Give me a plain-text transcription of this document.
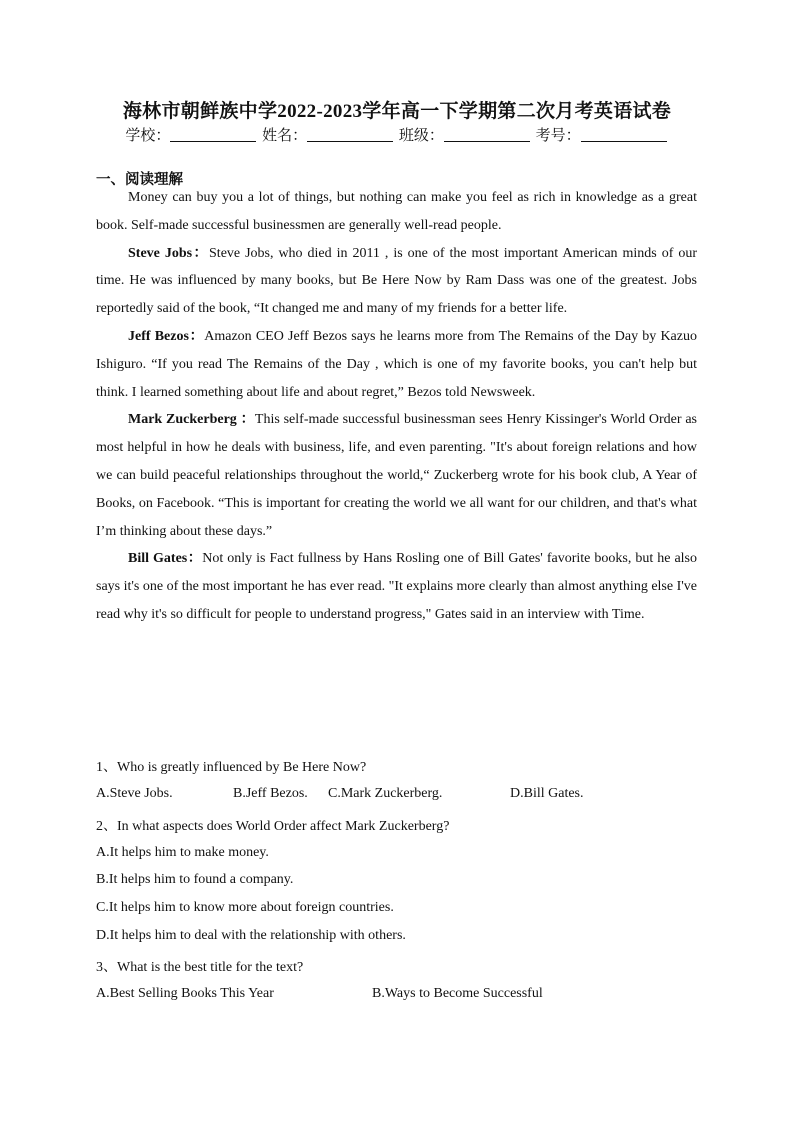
海林市朝鲜族中学2022-2023学年高一下学期第二次月考英语试卷
学校：	姓名：	班级：	考号：
一、阅读理解

Money can buy you a lot of things, but nothing can make you feel as rich in knowledge as a great book. Self-made successful businessmen are generally well-read people.

Steve Jobs：Steve Jobs, who died in 2011 , is one of the most important American minds of our time. He was influenced by many books, but Be Here Now by Ram Dass was one of the greatest. Jobs reportedly said of the book, “It changed me and many of my friends for a better life.

Jeff Bezos：Amazon CEO Jeff Bezos says he learns more from The Remains of the Day by Kazuo Ishiguro. “If you read The Remains of the Day , which is one of my favorite books, you can't help but think. I learned something about life and about regret,” Bezos told Newsweek.

Mark Zuckerberg ：This self-made successful businessman sees Henry Kissinger's World Order as most helpful in how he deals with business, life, and even parenting. "It's about foreign relations and how we can build peaceful relationships throughout the world,“ Zuckerberg wrote for his book club, A Year of Books, on Facebook. “This is important for creating the world we all want for our children, and that's what I’m thinking about these days.”

Bill Gates：Not only is Fact fullness by Hans Rosling one of Bill Gates' favorite books, but he also says it's one of the most important he has ever read. "It explains more clearly than almost anything else I've read why it's so difficult for people to understand progress," Gates said in an interview with Time.

1、Who is greatly influenced by Be Here Now?
A.Steve Jobs.	B.Jeff Bezos. C.Mark Zuckerberg.	D.Bill Gates.
2、In what aspects does World Order affect Mark Zuckerberg?
A.It helps him to make money.
B.It helps him to found a company.
C.It helps him to know more about foreign countries.
D.It helps him to deal with the relationship with others.
3、What is the best title for the text?
A.Best Selling Books This Year	B.Ways to Become Successful
